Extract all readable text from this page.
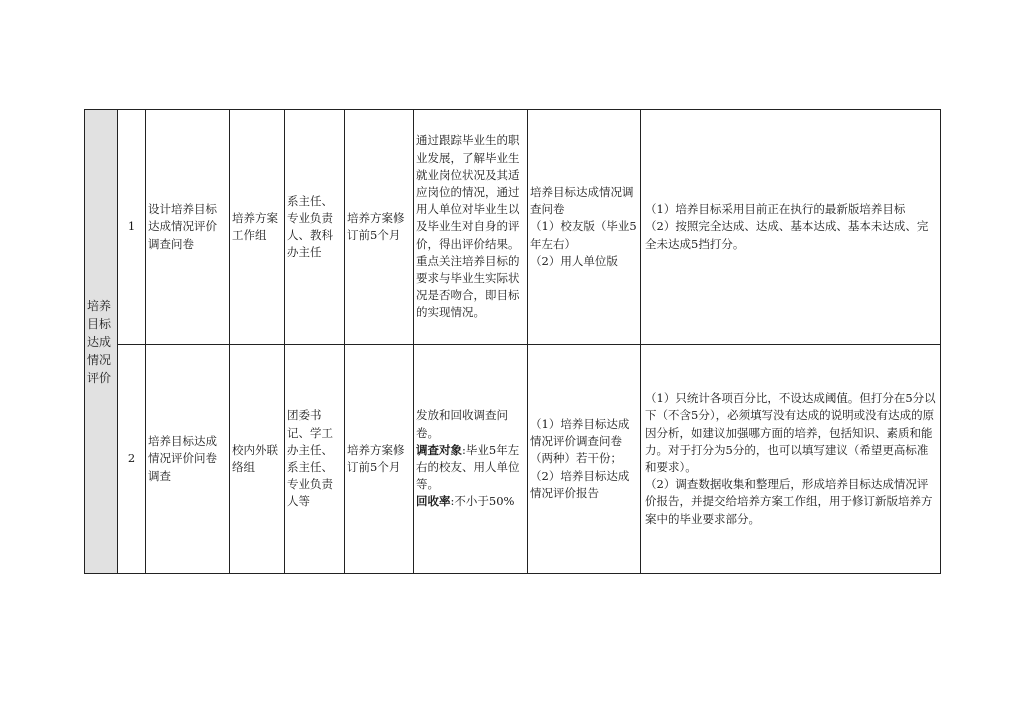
培养目标达成情况评价	1	设计培养目标达成情况评价调查问卷	培养方案工作组	系主任、专业负责人、教科办主任	培养方案修订前5个月	通过跟踪毕业生的职业发展，了解毕业生就业岗位状况及其适应岗位的情况，通过用人单位对毕业生以及毕业生对自身的评价，得出评价结果。重点关注培养目标的要求与毕业生实际状况是否吻合，即目标的实现情况。	培养目标达成情况调查问卷
（1）校友版（毕业5年左右）
（2）用人单位版	（1）培养目标采用目前正在执行的最新版培养目标
（2）按照完全达成、达成、基本达成、基本未达成、完全未达成5挡打分。

	2	培养目标达成情况评价问卷调查	校内外联络组	团委书记、学工办主任、系主任、专业负责人等	培养方案修订前5个月	发放和回收调查问卷。
调查对象:毕业5年左右的校友、用人单位等。
回收率:不小于50%	（1）培养目标达成情况评价调查问卷（两种）若干份；
（2）培养目标达成情况评价报告	（1）只统计各项百分比，不设达成阈值。但打分在5分以下（不含5分），必须填写没有达成的说明或没有达成的原因分析，如建议加强哪方面的培养，包括知识、素质和能力。对于打分为5分的，也可以填写建议（希望更高标准和要求）。
（2）调查数据收集和整理后，形成培养目标达成情况评价报告，并提交给培养方案工作组，用于修订新版培养方案中的毕业要求部分。
